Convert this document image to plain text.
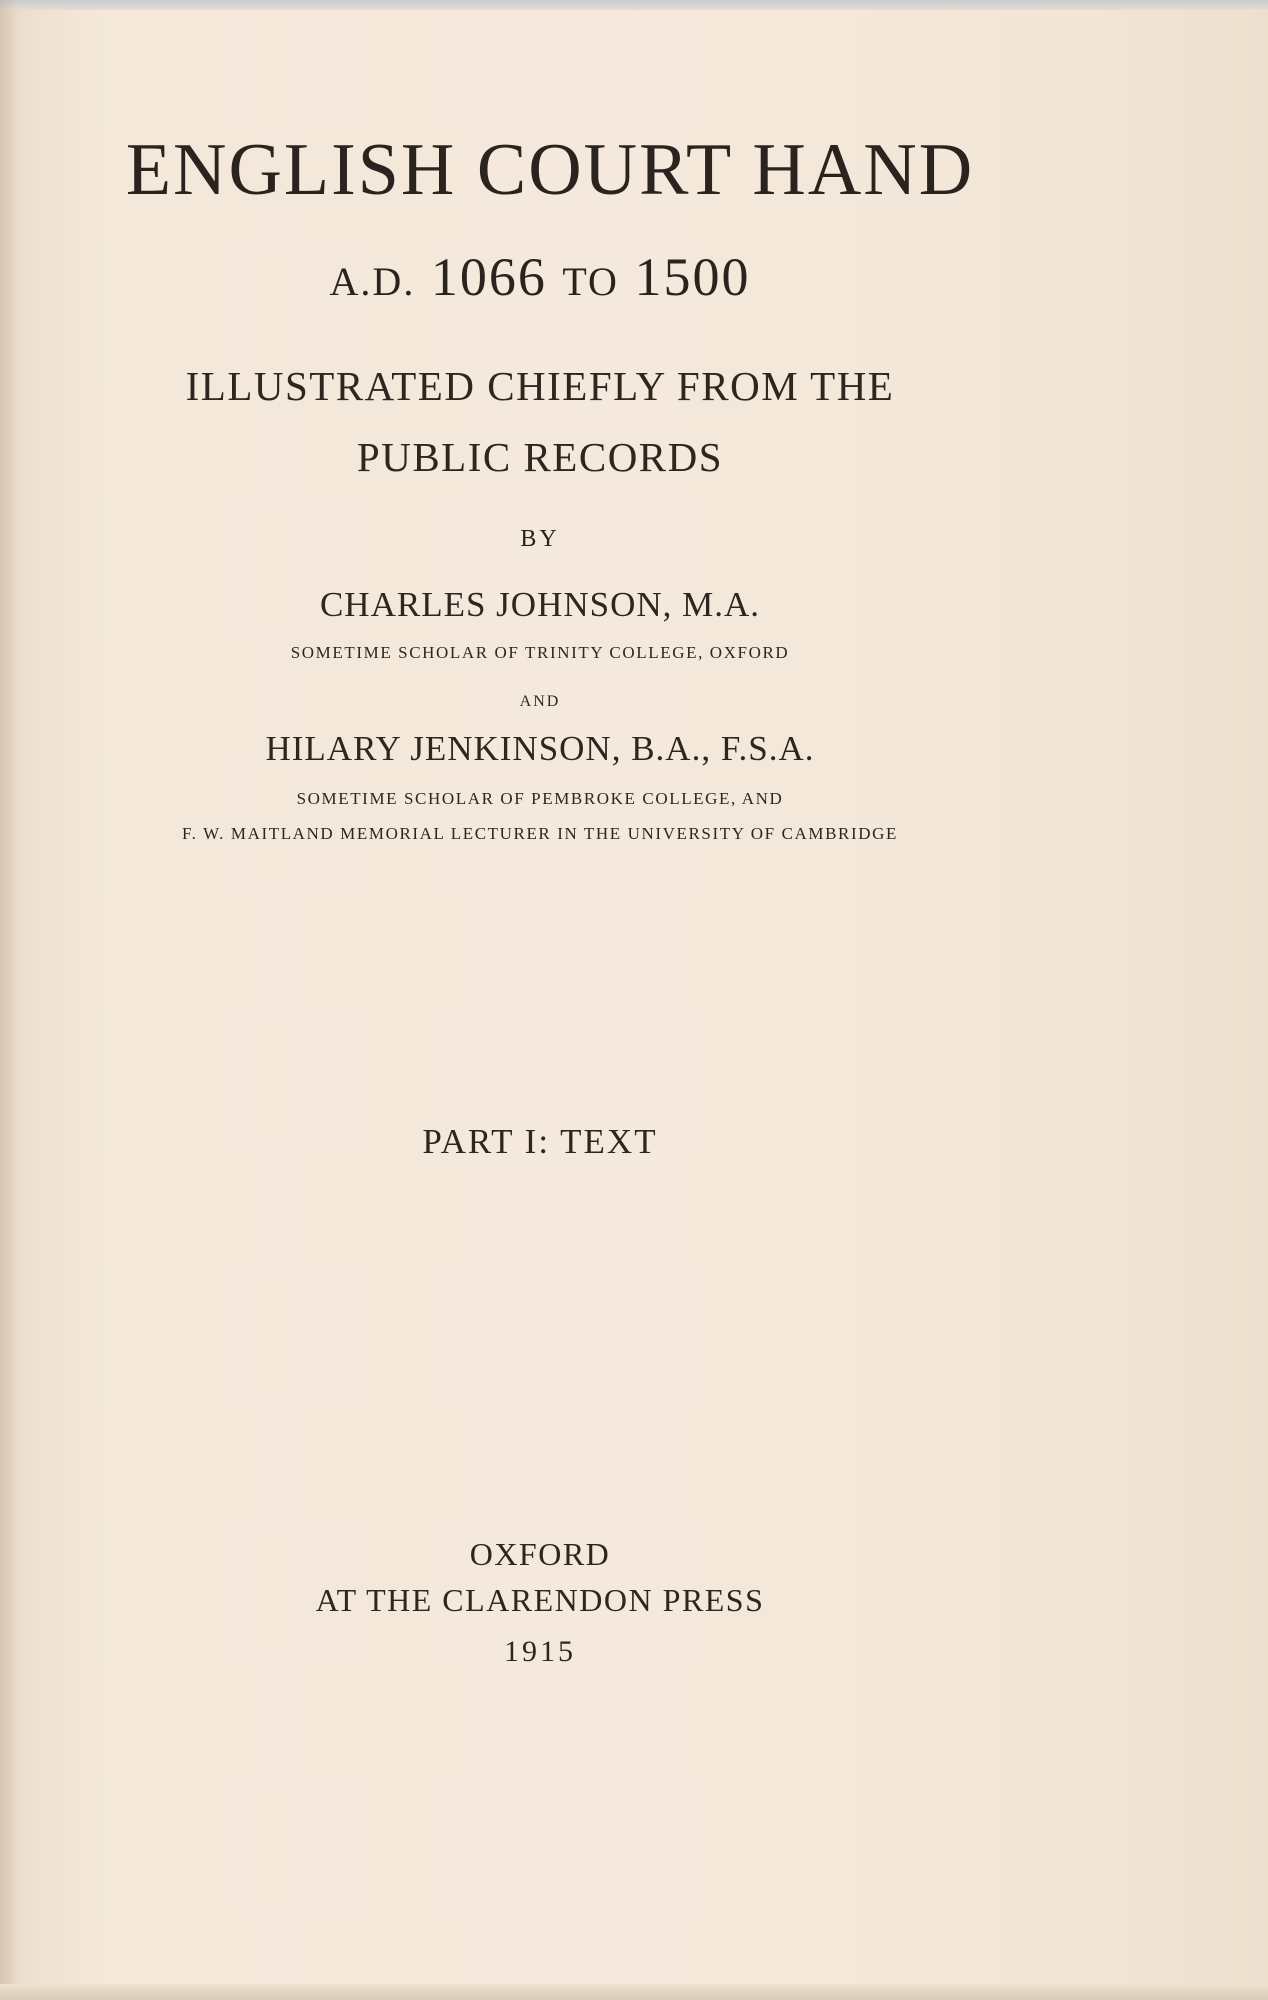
ENGLISH COURT HAND

A.D. 1066 TO 1500

ILLUSTRATED CHIEFLY FROM THE

PUBLIC RECORDS

BY

CHARLES JOHNSON, M.A.

SOMETIME SCHOLAR OF TRINITY COLLEGE, OXFORD

AND

HILARY JENKINSON, B.A., F.S.A.

SOMETIME SCHOLAR OF PEMBROKE COLLEGE, AND

F. W. MAITLAND MEMORIAL LECTURER IN THE UNIVERSITY OF CAMBRIDGE

PART I: TEXT

OXFORD

AT THE CLARENDON PRESS

1915
